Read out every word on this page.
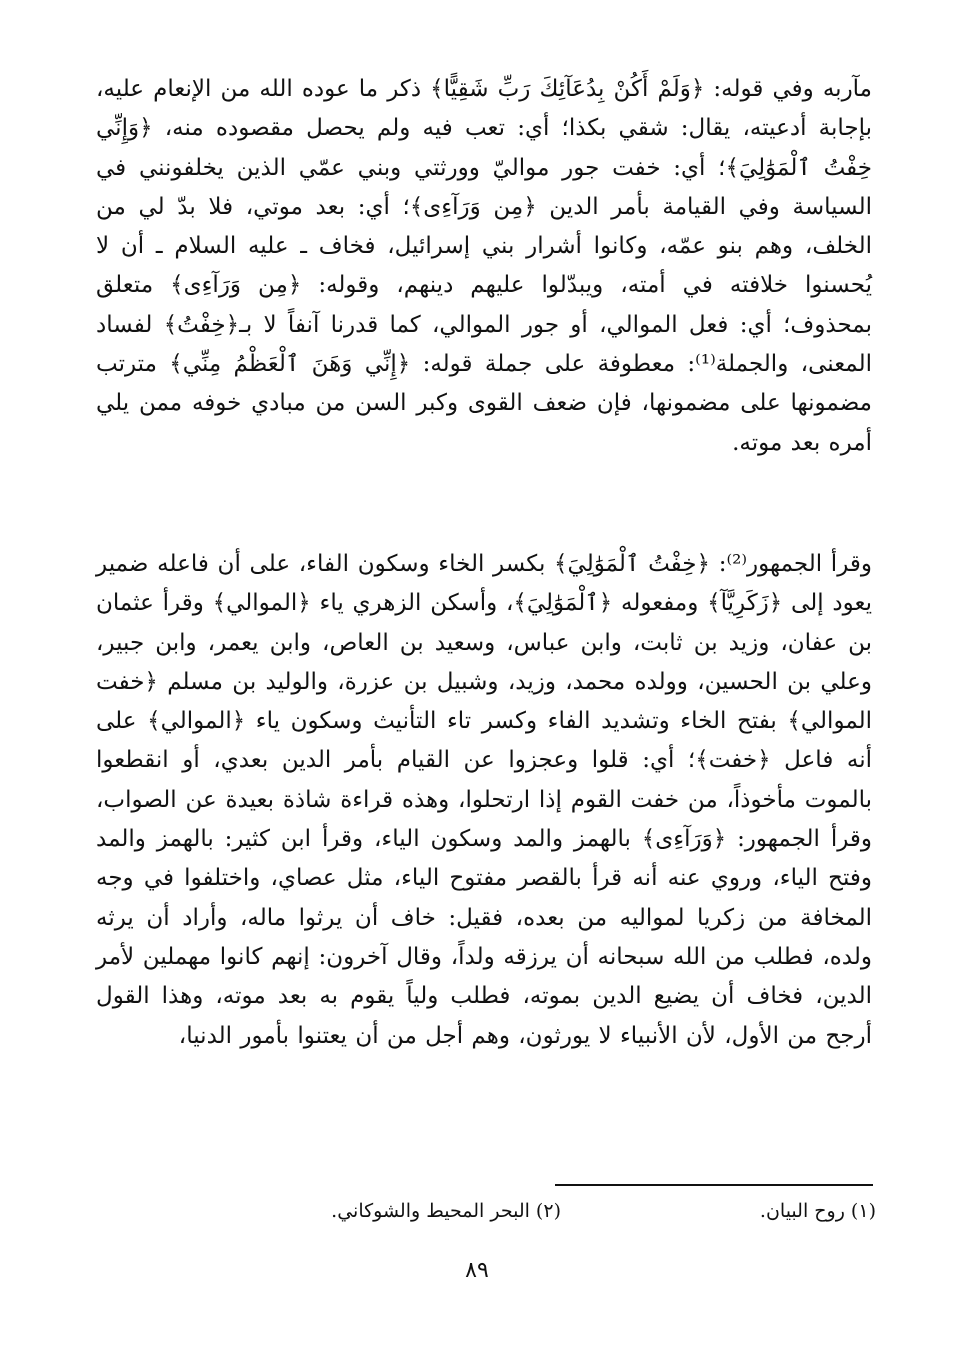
مآربه وفي قوله: ﴿وَلَمْ أَكُنْ بِدُعَآئِكَ رَبِّ شَقِيًّا﴾ ذكر ما عوده الله من الإنعام عليه، بإجابة أدعيته، يقال: شقي بكذا؛ أي: تعب فيه ولم يحصل مقصوده منه، ﴿وَإِنِّي خِفْتُ ٱلْمَوَٰلِيَ﴾؛ أي: خفت جور مواليّ وورثتي وبني عمّي الذين يخلفونني في السياسة وفي القيامة بأمر الدين ﴿مِن وَرَآءِى﴾؛ أي: بعد موتي، فلا بدّ لي من الخلف، وهم بنو عمّه، وكانوا أشرار بني إسرائيل، فخاف ـ عليه السلام ـ أن لا يُحسنوا خلافته في أمته، ويبدّلوا عليهم دينهم، وقوله: ﴿مِن وَرَآءِى﴾ متعلق بمحذوف؛ أي: فعل الموالي، أو جور الموالي، كما قدرنا آنفاً لا بـ﴿خِفْتُ﴾ لفساد المعنى، والجملة⁽¹⁾: معطوفة على جملة قوله: ﴿إِنِّي وَهَنَ ٱلْعَظْمُ مِنِّي﴾ مترتب مضمونها على مضمونها، فإن ضعف القوى وكبر السن من مبادي خوفه ممن يلي أمره بعد موته.

وقرأ الجمهور⁽²⁾: ﴿خِفْتُ ٱلْمَوَٰلِيَ﴾ بكسر الخاء وسكون الفاء، على أن فاعله ضمير يعود إلى ﴿زَكَرِيَّآ﴾ ومفعوله ﴿ٱلْمَوَٰلِيَ﴾، وأسكن الزهري ياء ﴿الموالي﴾ وقرأ عثمان بن عفان، وزيد بن ثابت، وابن عباس، وسعيد بن العاص، وابن يعمر، وابن جبير، وعلي بن الحسين، وولده محمد، وزيد، وشبيل بن عزرة، والوليد بن مسلم ﴿خفت الموالي﴾ بفتح الخاء وتشديد الفاء وكسر تاء التأنيث وسكون ياء ﴿الموالي﴾ على أنه فاعل ﴿خفت﴾؛ أي: قلوا وعجزوا عن القيام بأمر الدين بعدي، أو انقطعوا بالموت مأخوذاً، من خفت القوم إذا ارتحلوا، وهذه قراءة شاذة بعيدة عن الصواب، وقرأ الجمهور: ﴿وَرَآءِى﴾ بالهمز والمد وسكون الياء، وقرأ ابن كثير: بالهمز والمد وفتح الياء، وروي عنه أنه قرأ بالقصر مفتوح الياء، مثل عصاي، واختلفوا في وجه المخافة من زكريا لمواليه من بعده، فقيل: خاف أن يرثوا ماله، وأراد أن يرثه ولده، فطلب من الله سبحانه أن يرزقه ولداً، وقال آخرون: إنهم كانوا مهملين لأمر الدين، فخاف أن يضيع الدين بموته، فطلب ولياً يقوم به بعد موته، وهذا القول أرجح من الأول، لأن الأنبياء لا يورثون، وهم أجل من أن يعتنوا بأمور الدنيا،

(١) روح البيان.
(٢) البحر المحيط والشوكاني.
٨٩
